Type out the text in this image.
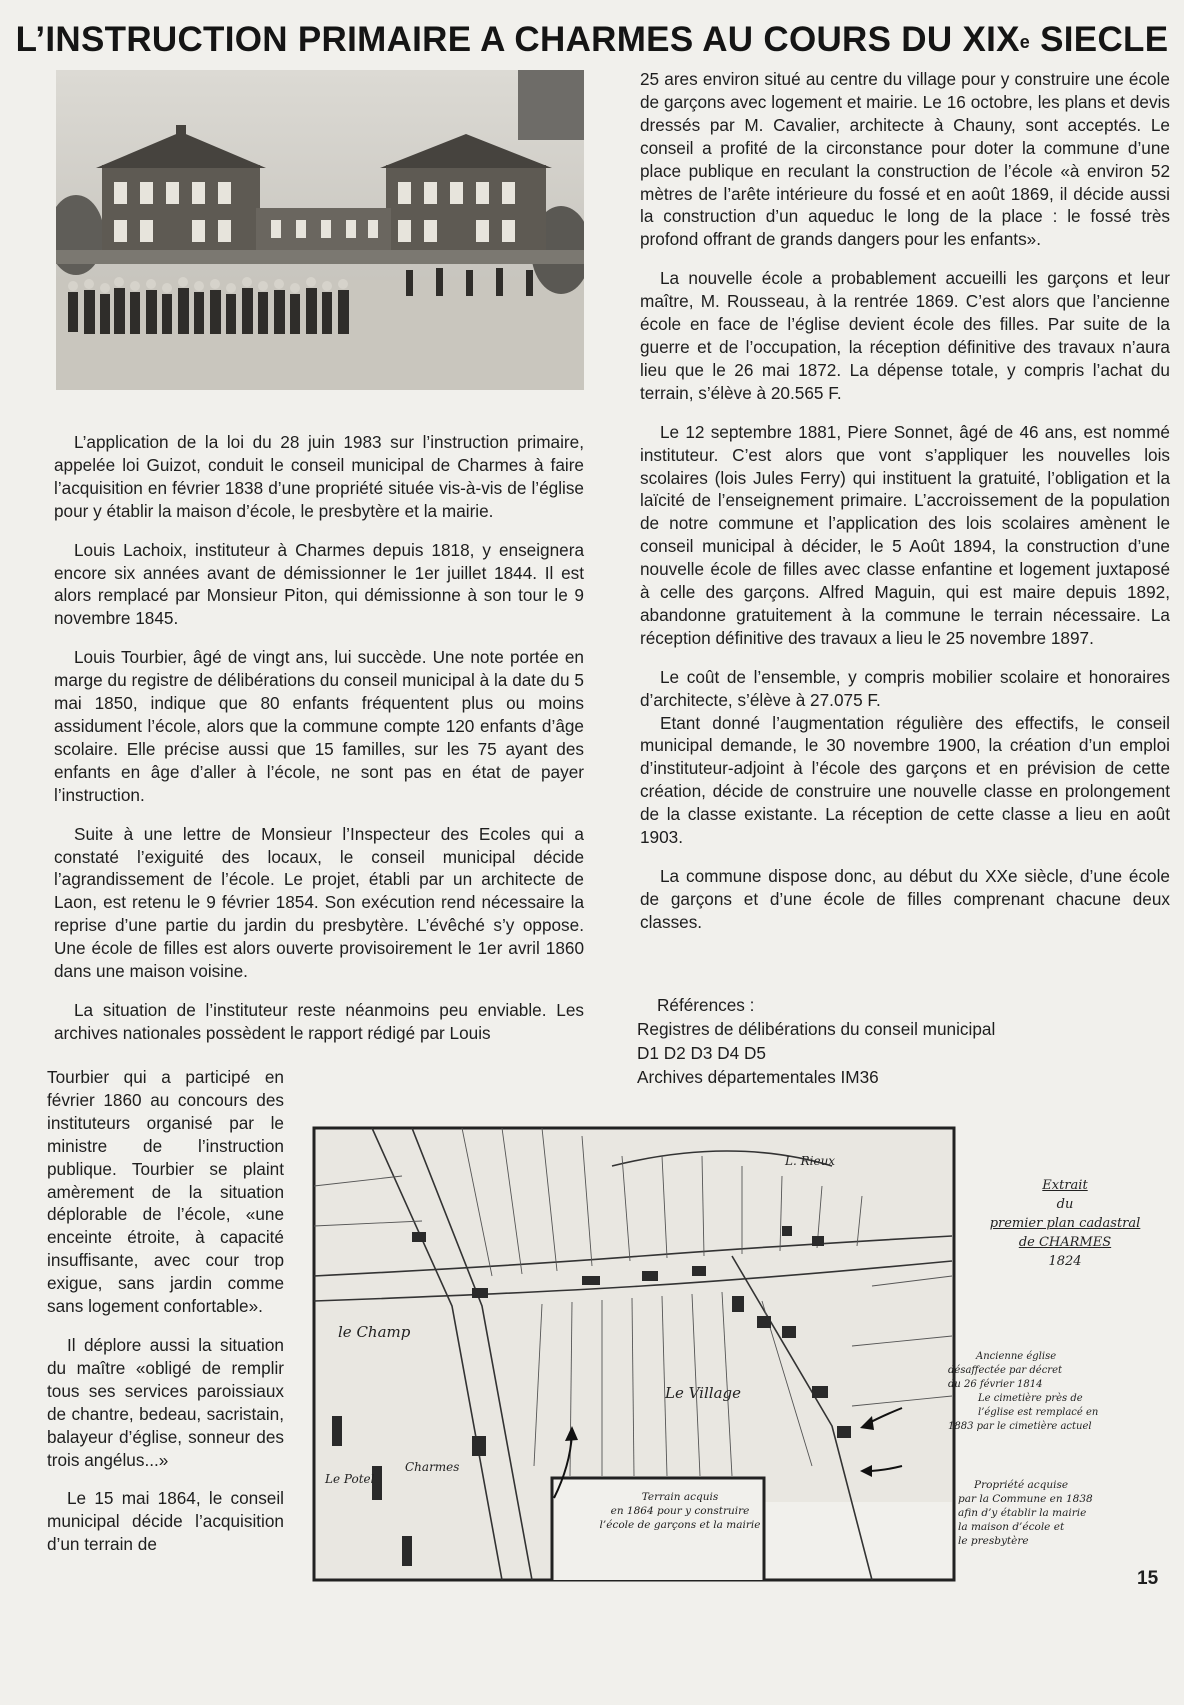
L’INSTRUCTION PRIMAIRE A CHARMES AU COURS DU XIXe SIECLE

L’application de la loi du 28 juin 1983 sur l’instruction primaire, appelée loi Guizot, conduit le conseil municipal de Charmes à faire l’acquisition en février 1838 d’une propriété située vis-à-vis de l’église pour y établir la maison d’école, le presbytère et la mairie.

Louis Lachoix, instituteur à Charmes depuis 1818, y enseignera encore six années avant de démissionner le 1er juillet 1844. Il est alors remplacé par Monsieur Piton, qui démissionne à son tour le 9 novembre 1845.

Louis Tourbier, âgé de vingt ans, lui succède. Une note portée en marge du registre de délibérations du conseil municipal à la date du 5 mai 1850, indique que 80 enfants fréquentent plus ou moins assidument l’école, alors que la commune compte 120 enfants d’âge scolaire. Elle précise aussi que 15 familles, sur les 75 ayant des enfants en âge d’aller à l’école, ne sont pas en état de payer l’instruction.

Suite à une lettre de Monsieur l’Inspecteur des Ecoles qui a constaté l’exiguité des locaux, le conseil municipal décide l’agrandissement de l’école. Le projet, établi par un architecte de Laon, est retenu le 9 février 1854. Son exécution rend nécessaire la reprise d’une partie du jardin du presbytère. L’évêché s’y oppose. Une école de filles est alors ouverte provisoirement le 1er avril 1860 dans une maison voisine.

La situation de l’instituteur reste néanmoins peu enviable. Les archives nationales possèdent le rapport rédigé par Louis

Tourbier qui a participé en février 1860 au concours des instituteurs organisé par le ministre de l’instruction publique. Tourbier se plaint amèrement de la situation déplorable de l’école, «une enceinte étroite, à capacité insuffisante, avec cour trop exigue, sans jardin comme sans logement confortable».

Il déplore aussi la situation du maître «obligé de remplir tous ses services paroissiaux de chantre, bedeau, sacristain, balayeur d’église, sonneur des trois angélus...»

Le 15 mai 1864, le conseil municipal décide l’acquisition d’un terrain de

25 ares environ situé au centre du village pour y construire une école de garçons avec logement et mairie. Le 16 octobre, les plans et devis dressés par M. Cavalier, architecte à Chauny, sont acceptés. Le conseil a profité de la circonstance pour doter la commune d’une place publique en reculant la construction de l’école «à environ 52 mètres de l’arête intérieure du fossé et en août 1869, il décide aussi la construction d’un aqueduc le long de la place : le fossé très profond offrant de grands dangers pour les enfants».

La nouvelle école a probablement accueilli les garçons et leur maître, M. Rousseau, à la rentrée 1869. C’est alors que l’ancienne école en face de l’église devient école des filles. Par suite de la guerre et de l’occupation, la réception définitive des travaux n’aura lieu que le 26 mai 1872. La dépense totale, y compris l’achat du terrain, s’élève à 20.565 F.

Le 12 septembre 1881, Piere Sonnet, âgé de 46 ans, est nommé instituteur. C’est alors que vont s’appliquer les nouvelles lois scolaires (lois Jules Ferry) qui instituent la gratuité, l’obligation et la laïcité de l’enseignement primaire. L’accroissement de la population de notre commune et l’application des lois scolaires amènent le conseil municipal à décider, le 5 Août 1894, la construction d’une nouvelle école de filles avec classe enfantine et logement juxtaposé à celle des garçons. Alfred Maguin, qui est maire depuis 1892, abandonne gratuitement à la commune le terrain nécessaire. La réception définitive des travaux a lieu le 25 novembre 1897.

Le coût de l’ensemble, y compris mobilier scolaire et honoraires d’architecte, s’élève à 27.075 F.

Etant donné l’augmentation régulière des effectifs, le conseil municipal demande, le 30 novembre 1900, la création d’un emploi d’instituteur-adjoint à l’école des garçons et en prévision de cette création, décide de construire une nouvelle classe en prolongement de la classe existante. La réception de cette classe a lieu en août 1903.

La commune dispose donc, au début du XXe siècle, d’une école de garçons et d’une école de filles comprenant chacune deux classes.

Références :
Registres de délibérations du conseil municipal
D1 D2 D3 D4 D5
Archives départementales IM36
L. Rieux
le Champ
Le Village
Charmes
Le Potel
Extrait
du
premier plan cadastral
de CHARMES
1824
Ancienne église
désaffectée par décret
du 26 février 1814
Le cimetière près de
l’église est remplacé en
1883 par le cimetière actuel
Propriété acquise
par la Commune en 1838
afin d’y établir la mairie
la maison d’école et
le presbytère
Terrain acquis
en 1864 pour y construire
l’école de garçons et la mairie
15
